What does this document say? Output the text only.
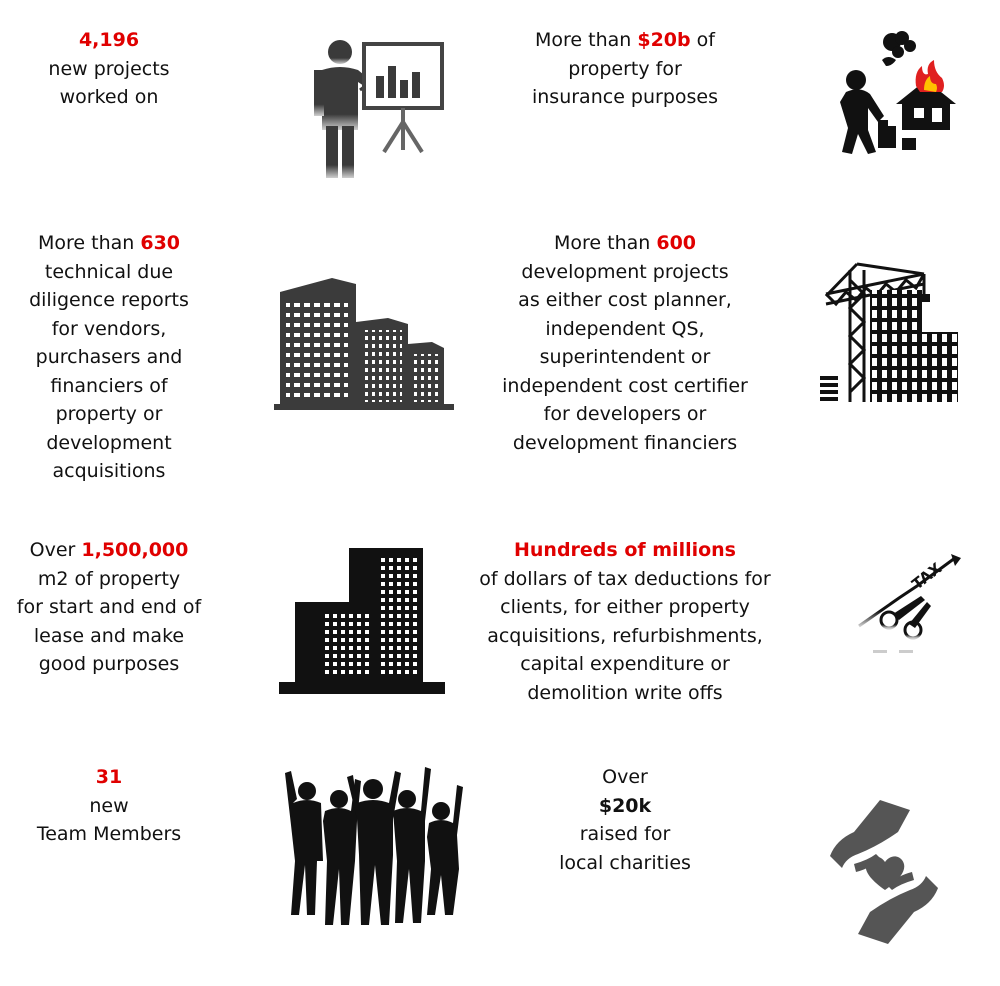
4,196
new projects
worked on
More than $20b of
property for
insurance purposes
More than 630
technical due
diligence reports
for vendors,
purchasers and
financiers of
property or
development
acquisitions
More than 600
development projects
as either cost planner,
independent QS,
superintendent or
independent cost certifier
for developers or
development financiers
Over 1,500,000
m2 of property
for start and end of
lease and make
good purposes
Hundreds of millions
of dollars of tax deductions for
clients, for either property
acquisitions, refurbishments,
capital expenditure or
demolition write offs
31
new
Team Members
Over
$20k
raised for
local charities
TAX
